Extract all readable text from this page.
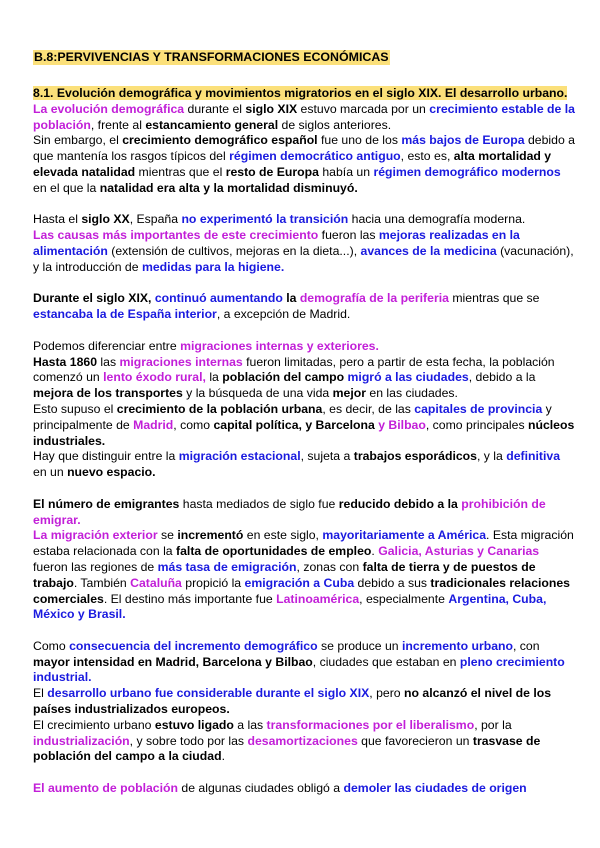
B.8:PERVIVENCIAS Y TRANSFORMACIONES ECONÓMICAS
8.1. Evolución demográfica y movimientos migratorios en el siglo XIX. El desarrollo urbano.
La evolución demográfica durante el siglo XIX estuvo marcada por un crecimiento estable de la
población, frente al estancamiento general de siglos anteriores.
Sin embargo, el crecimiento demográfico español fue uno de los más bajos de Europa debido a
que mantenía los rasgos típicos del régimen democrático antiguo, esto es, alta mortalidad y
elevada natalidad mientras que el resto de Europa había un régimen demográfico modernos
en el que la natalidad era alta y la mortalidad disminuyó.
Hasta el siglo XX, España no experimentó la transición hacia una demografía moderna.
Las causas más importantes de este crecimiento fueron las mejoras realizadas en la
alimentación (extensión de cultivos, mejoras en la dieta...), avances de la medicina (vacunación),
y la introducción de medidas para la higiene.
Durante el siglo XIX, continuó aumentando la demografía de la periferia mientras que se
estancaba la de España interior, a excepción de Madrid.
Podemos diferenciar entre migraciones internas y exteriores.
Hasta 1860 las migraciones internas fueron limitadas, pero a partir de esta fecha, la población
comenzó un lento éxodo rural, la población del campo migró a las ciudades, debido a la
mejora de los transportes y la búsqueda de una vida mejor en las ciudades.
Esto supuso el crecimiento de la población urbana, es decir, de las capitales de provincia y
principalmente de Madrid, como capital política, y Barcelona y Bilbao, como principales núcleos
industriales.
Hay que distinguir entre la migración estacional, sujeta a trabajos esporádicos, y la definitiva
en un nuevo espacio.
El número de emigrantes hasta mediados de siglo fue reducido debido a la prohibición de
emigrar.
La migración exterior se incrementó en este siglo, mayoritariamente a América. Esta migración
estaba relacionada con la falta de oportunidades de empleo. Galicia, Asturias y Canarias
fueron las regiones de más tasa de emigración, zonas con falta de tierra y de puestos de
trabajo. También Cataluña propició la emigración a Cuba debido a sus tradicionales relaciones
comerciales. El destino más importante fue Latinoamérica, especialmente Argentina, Cuba,
México y Brasil.
Como consecuencia del incremento demográfico se produce un incremento urbano, con
mayor intensidad en Madrid, Barcelona y Bilbao, ciudades que estaban en pleno crecimiento
industrial.
El desarrollo urbano fue considerable durante el siglo XIX, pero no alcanzó el nivel de los
países industrializados europeos.
El crecimiento urbano estuvo ligado a las transformaciones por el liberalismo, por la
industrialización, y sobre todo por las desamortizaciones que favorecieron un trasvase de
población del campo a la ciudad.
El aumento de población de algunas ciudades obligó a demoler las ciudades de origen
